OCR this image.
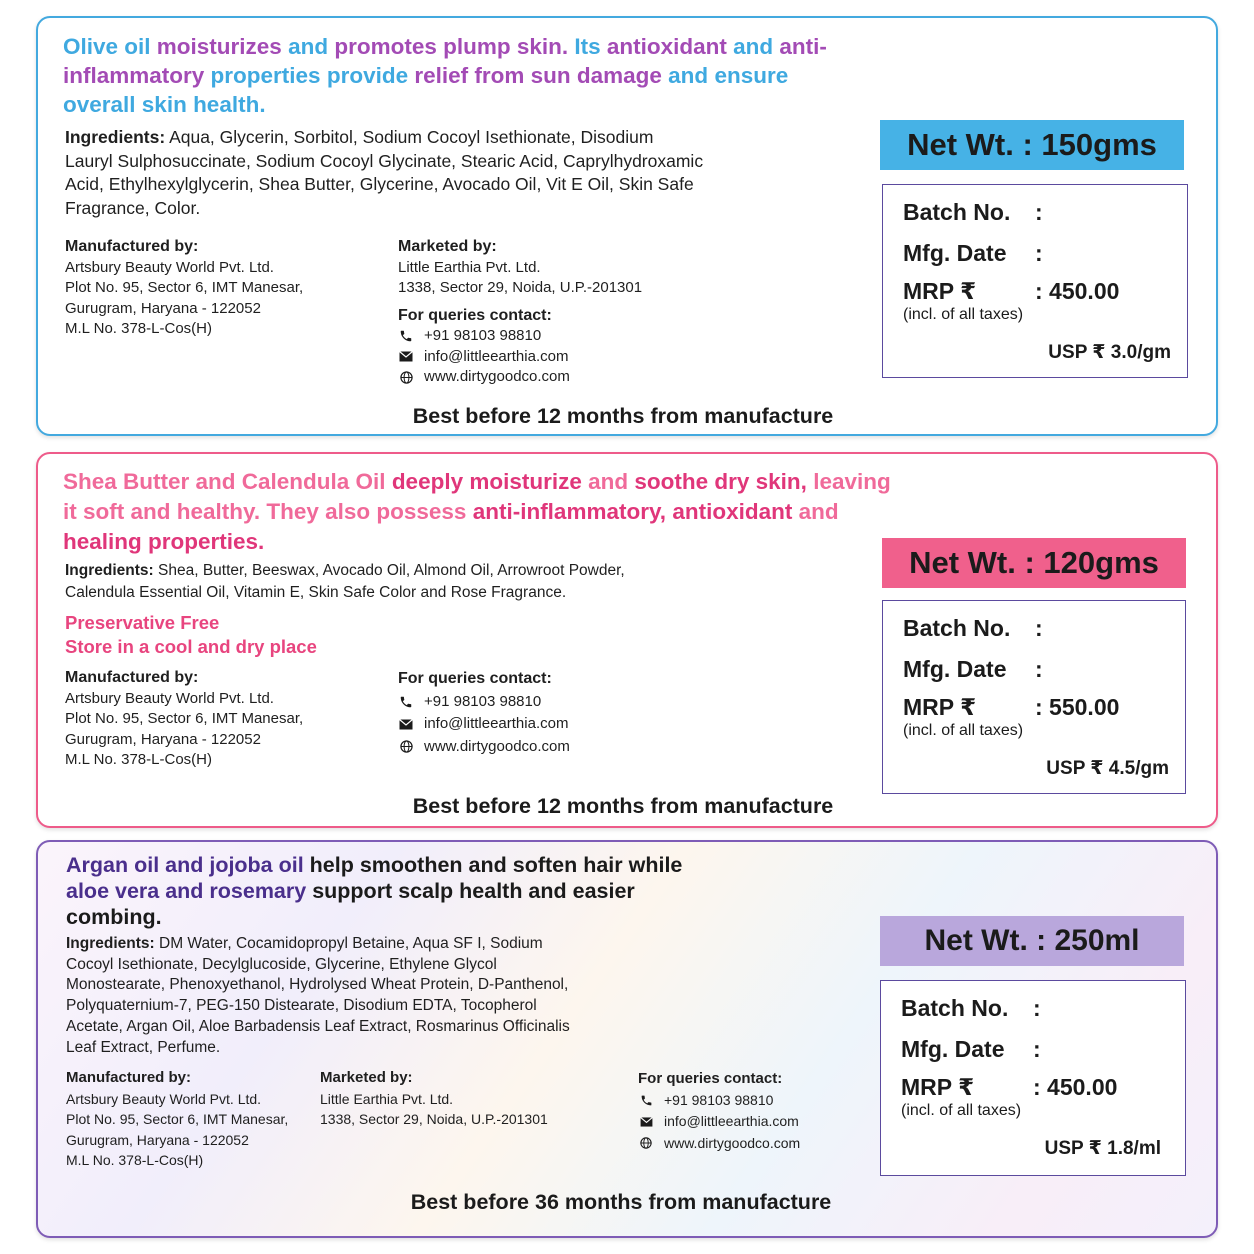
Olive oil moisturizes and promotes plump skin. Its antioxidant and anti-inflammatory properties provide relief from sun damage and ensure overall skin health.
Ingredients: Aqua, Glycerin, Sorbitol, Sodium Cocoyl Isethionate, Disodium Lauryl Sulphosuccinate, Sodium Cocoyl Glycinate, Stearic Acid, Caprylhydroxamic Acid, Ethylhexylglycerin, Shea Butter, Glycerine, Avocado Oil, Vit E Oil, Skin Safe Fragrance, Color.
Manufactured by:
Artsbury Beauty World Pvt. Ltd.
Plot No. 95, Sector 6, IMT Manesar,
Gurugram, Haryana - 122052
M.L No. 378-L-Cos(H)
Marketed by:
Little Earthia Pvt. Ltd.
1338, Sector 29, Noida, U.P.-201301
For queries contact:
+91 98103 98810
info@littleearthia.com
www.dirtygoodco.com
Best before 12 months from manufacture
Net Wt. : 150gms
Batch No. :
Mfg. Date :
MRP ₹	: 450.00
(incl. of all taxes)
USP ₹ 3.0/gm
Shea Butter and Calendula Oil deeply moisturize and soothe dry skin, leaving it soft and healthy. They also possess anti-inflammatory, antioxidant and healing properties.
Ingredients: Shea, Butter, Beeswax, Avocado Oil, Almond Oil, Arrowroot Powder, Calendula Essential Oil, Vitamin E, Skin Safe Color and Rose Fragrance.
Preservative Free
Store in a cool and dry place
Manufactured by:
Artsbury Beauty World Pvt. Ltd.
Plot No. 95, Sector 6, IMT Manesar,
Gurugram, Haryana - 122052
M.L No. 378-L-Cos(H)
For queries contact:
+91 98103 98810
info@littleearthia.com
www.dirtygoodco.com
Best before 12 months from manufacture
Net Wt. : 120gms
Batch No. :
Mfg. Date :
MRP ₹	: 550.00
(incl. of all taxes)
USP ₹ 4.5/gm
Argan oil and jojoba oil help smoothen and soften hair while aloe vera and rosemary support scalp health and easier combing.
Ingredients: DM Water, Cocamidopropyl Betaine, Aqua SF I, Sodium Cocoyl Isethionate, Decylglucoside, Glycerine, Ethylene Glycol Monostearate, Phenoxyethanol, Hydrolysed Wheat Protein, D-Panthenol, Polyquaternium-7, PEG-150 Distearate, Disodium EDTA, Tocopherol Acetate, Argan Oil, Aloe Barbadensis Leaf Extract, Rosmarinus Officinalis Leaf Extract, Perfume.
Manufactured by:
Artsbury Beauty World Pvt. Ltd.
Plot No. 95, Sector 6, IMT Manesar,
Gurugram, Haryana - 122052
M.L No. 378-L-Cos(H)
Marketed by:
Little Earthia Pvt. Ltd.
1338, Sector 29, Noida, U.P.-201301
For queries contact:
+91 98103 98810
info@littleearthia.com
www.dirtygoodco.com
Best before 36 months from manufacture
Net Wt. : 250ml
Batch No. :
Mfg. Date :
MRP ₹	: 450.00
(incl. of all taxes)
USP ₹ 1.8/ml
